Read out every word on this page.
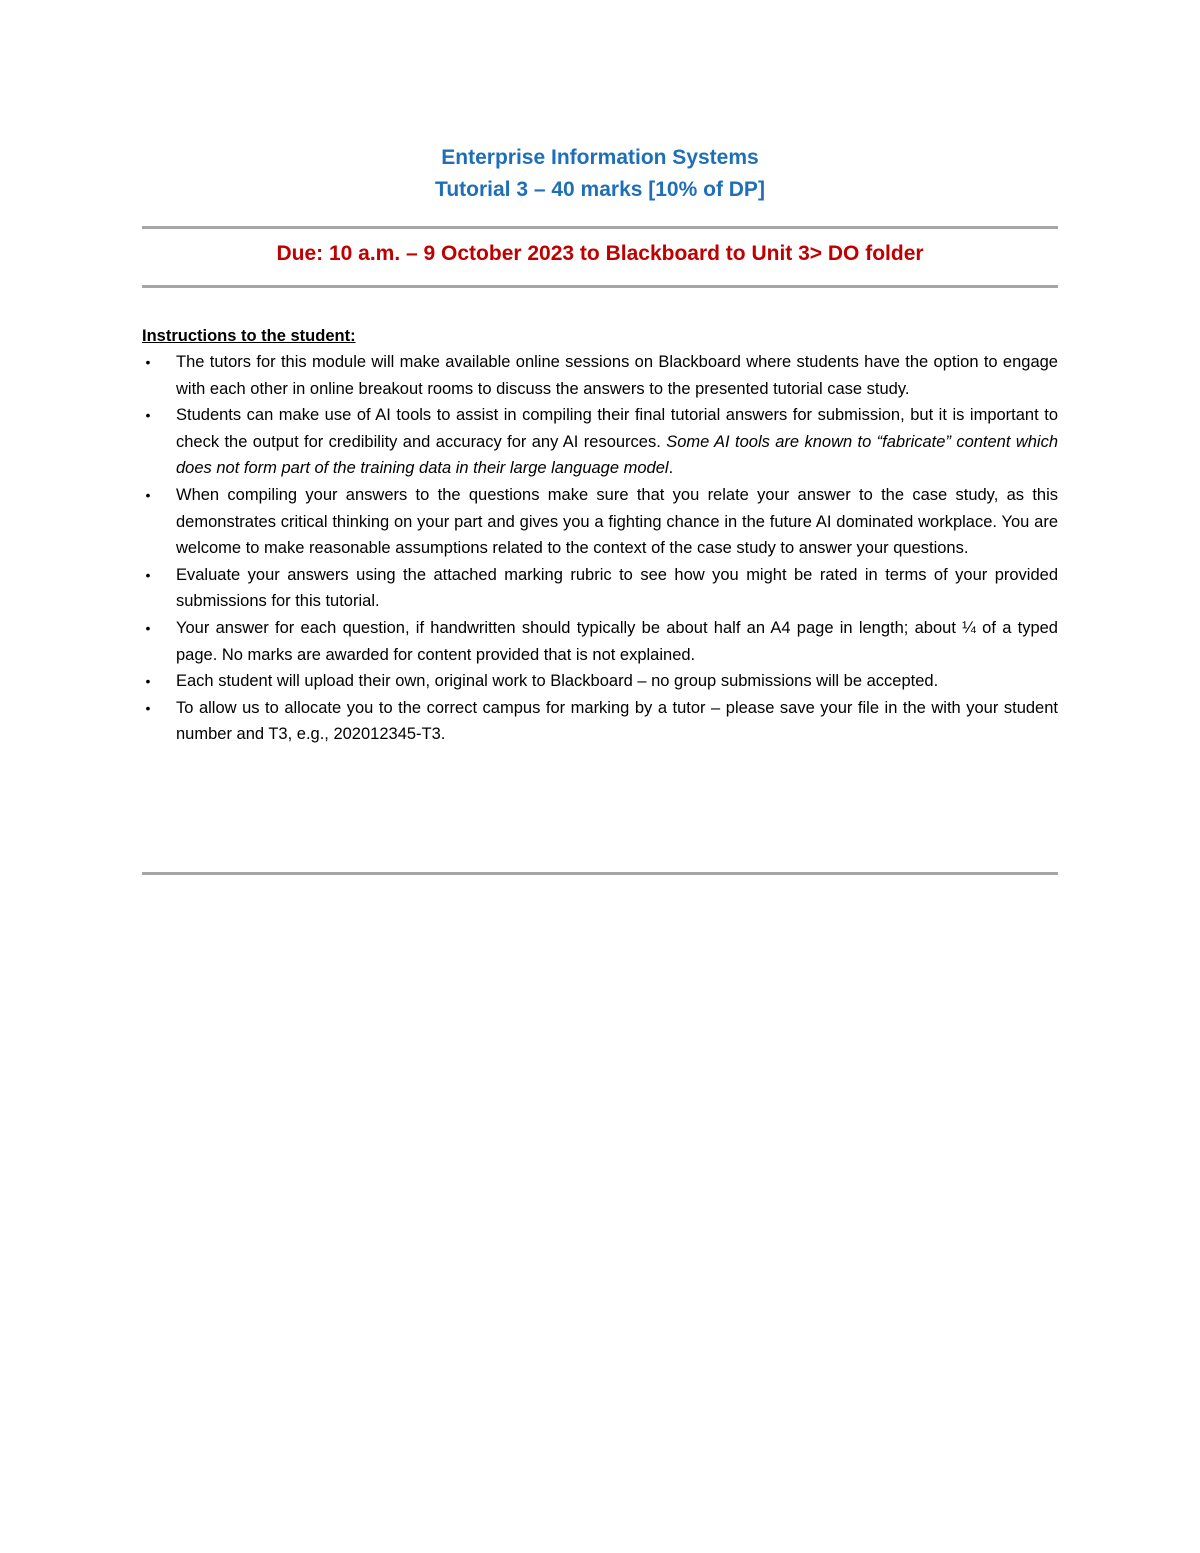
Enterprise Information Systems
Tutorial 3 – 40 marks [10% of DP]
Due: 10 a.m. – 9 October 2023 to Blackboard to Unit 3> DO folder
Instructions to the student:
• The tutors for this module will make available online sessions on Blackboard where students have the option to engage with each other in online breakout rooms to discuss the answers to the presented tutorial case study.
• Students can make use of AI tools to assist in compiling their final tutorial answers for submission, but it is important to check the output for credibility and accuracy for any AI resources. Some AI tools are known to “fabricate” content which does not form part of the training data in their large language model.
• When compiling your answers to the questions make sure that you relate your answer to the case study, as this demonstrates critical thinking on your part and gives you a fighting chance in the future AI dominated workplace. You are welcome to make reasonable assumptions related to the context of the case study to answer your questions.
• Evaluate your answers using the attached marking rubric to see how you might be rated in terms of your provided submissions for this tutorial.
• Your answer for each question, if handwritten should typically be about half an A4 page in length; about ¼ of a typed page. No marks are awarded for content provided that is not explained.
• Each student will upload their own, original work to Blackboard – no group submissions will be accepted.
• To allow us to allocate you to the correct campus for marking by a tutor – please save your file in the with your student number and T3, e.g., 202012345-T3.
